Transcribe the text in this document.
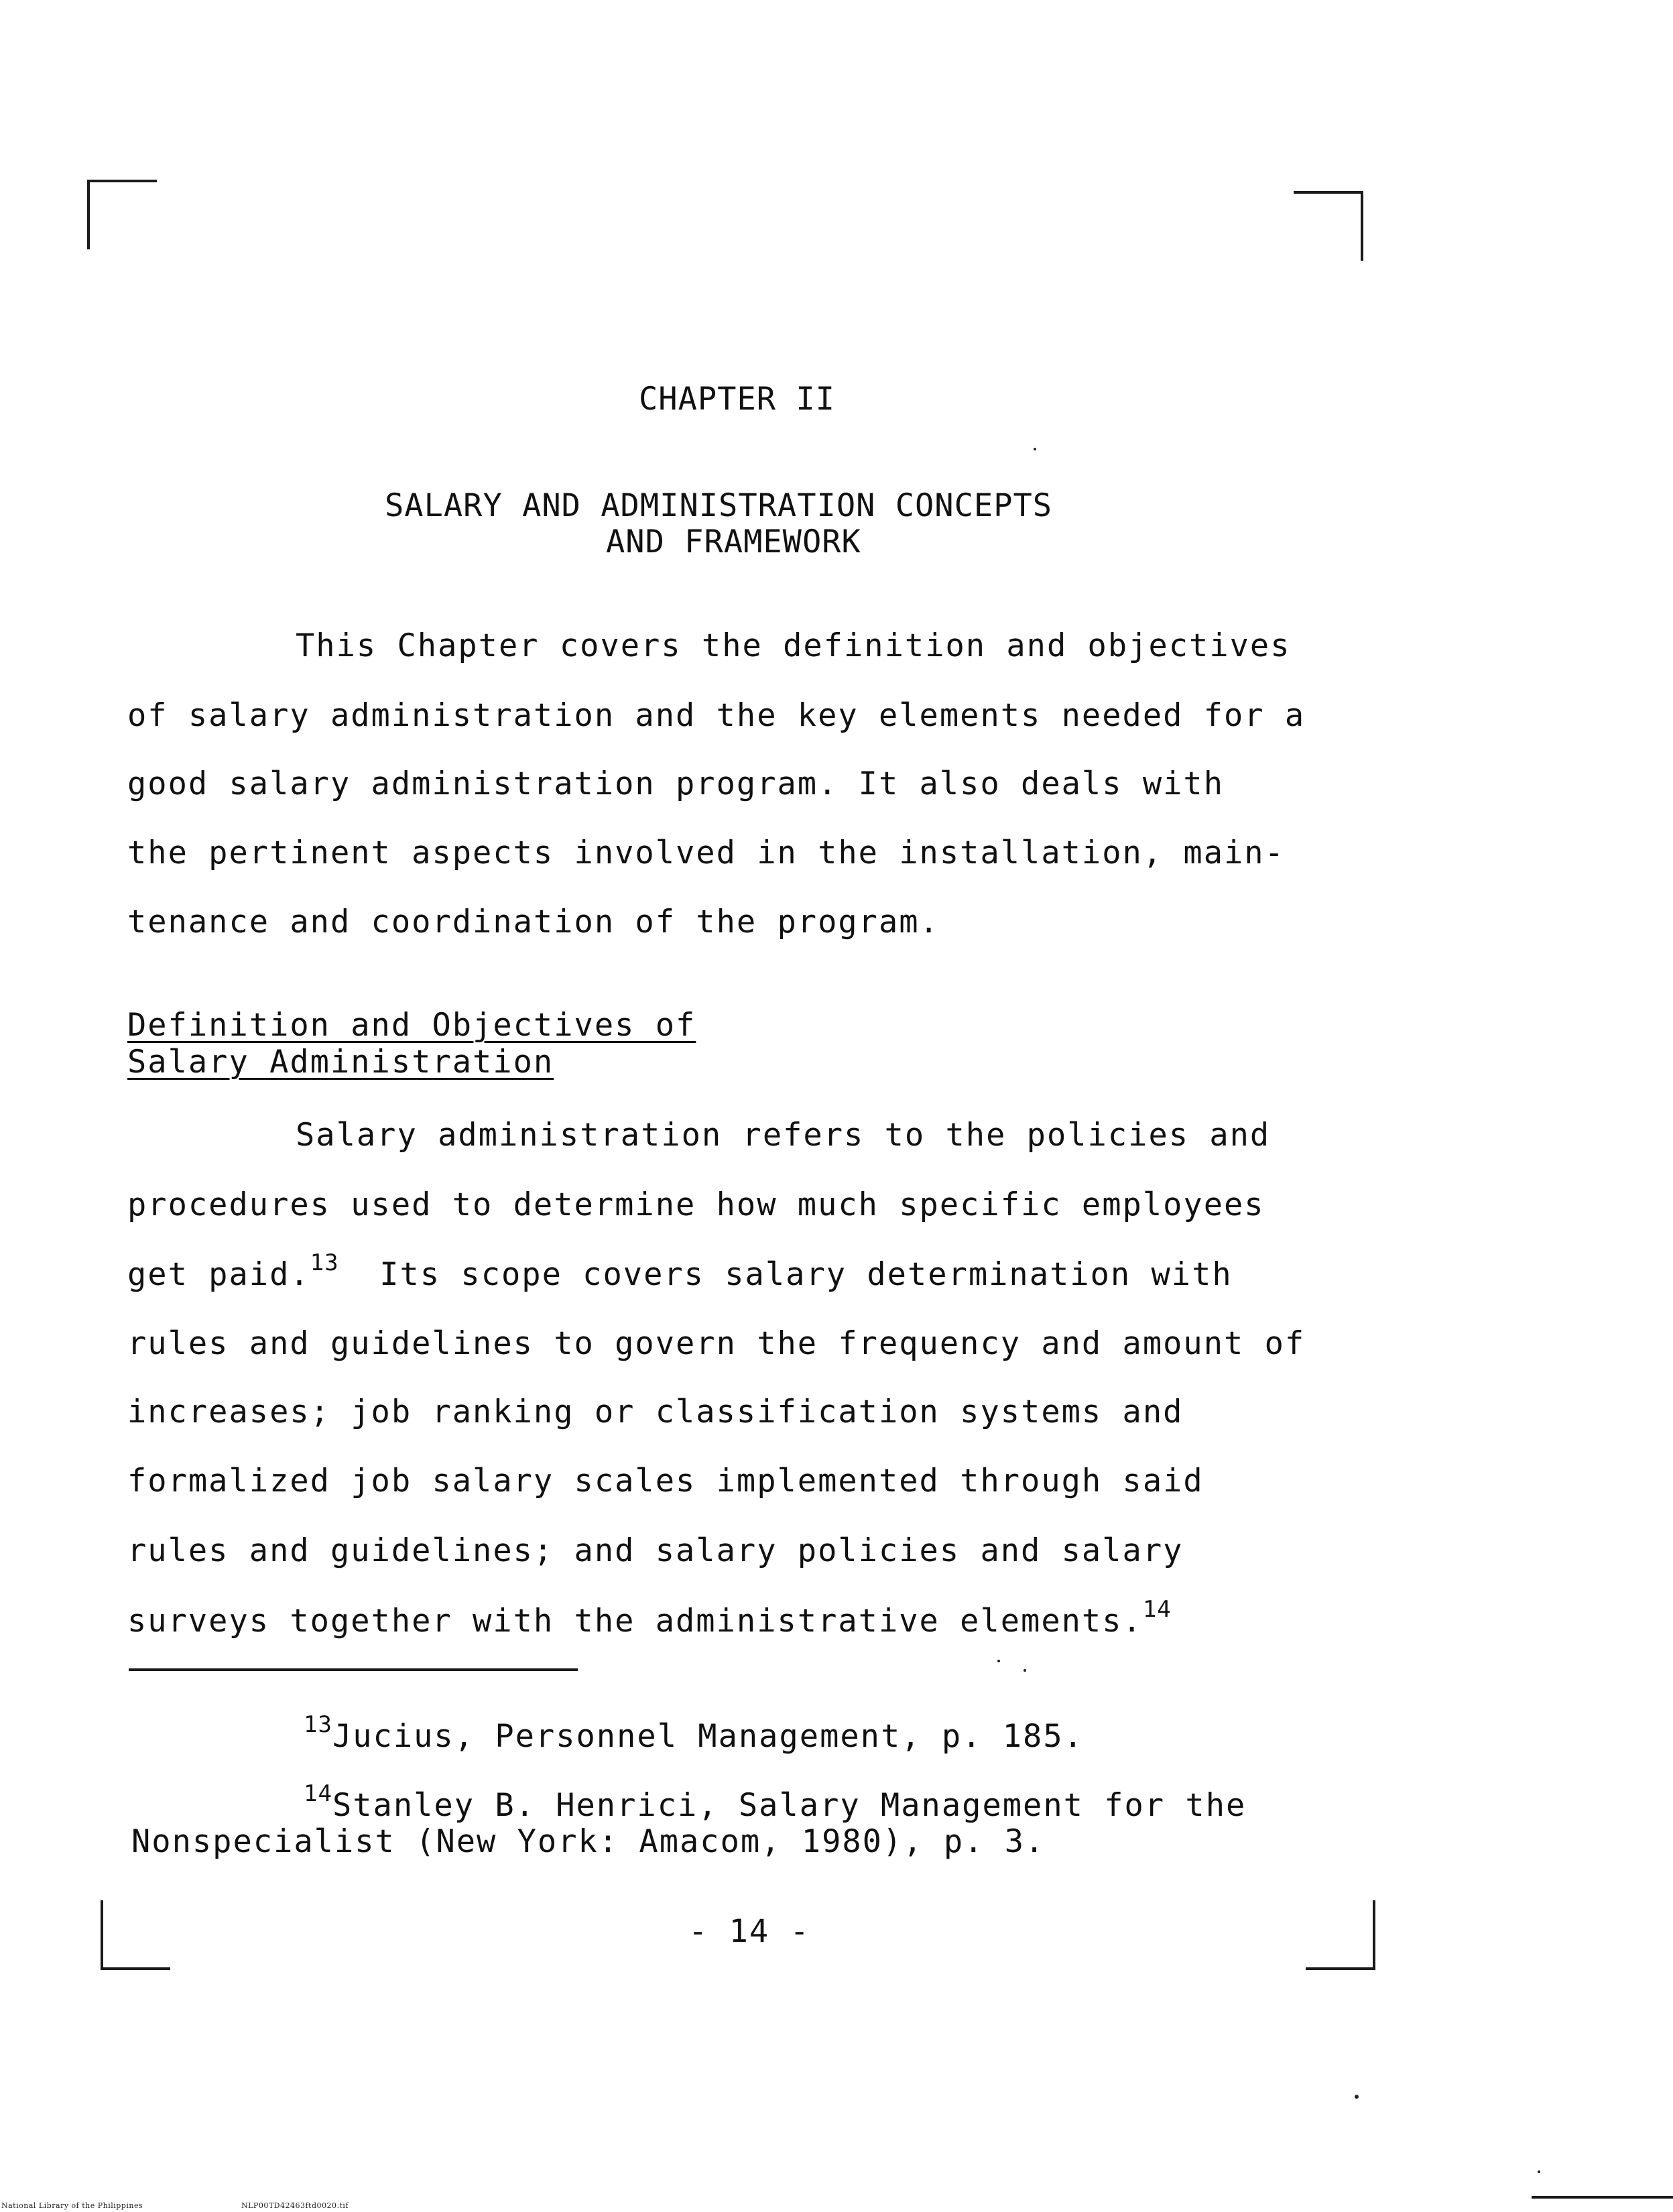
CHAPTER II
SALARY AND ADMINISTRATION CONCEPTS
AND FRAMEWORK
This Chapter covers the definition and objectives
of salary administration and the key elements needed for a
good salary administration program. It also deals with
the pertinent aspects involved in the installation, main-
tenance and coordination of the program.
Definition and Objectives of
Salary Administration
Salary administration refers to the policies and
procedures used to determine how much specific employees
get paid.$^{13}$  Its scope covers salary determination with
rules and guidelines to govern the frequency and amount of
increases; job ranking or classification systems and
formalized job salary scales implemented through said
rules and guidelines; and salary policies and salary
surveys together with the administrative elements.$^{14}$
$^{13}$Jucius, Personnel Management, p. 185.
$^{14}$Stanley B. Henrici, Salary Management for the
Nonspecialist (New York: Amacom, 1980), p. 3.
- 14 -
National Library of the Philippines	NLP00TD42463ftd0020.tif
